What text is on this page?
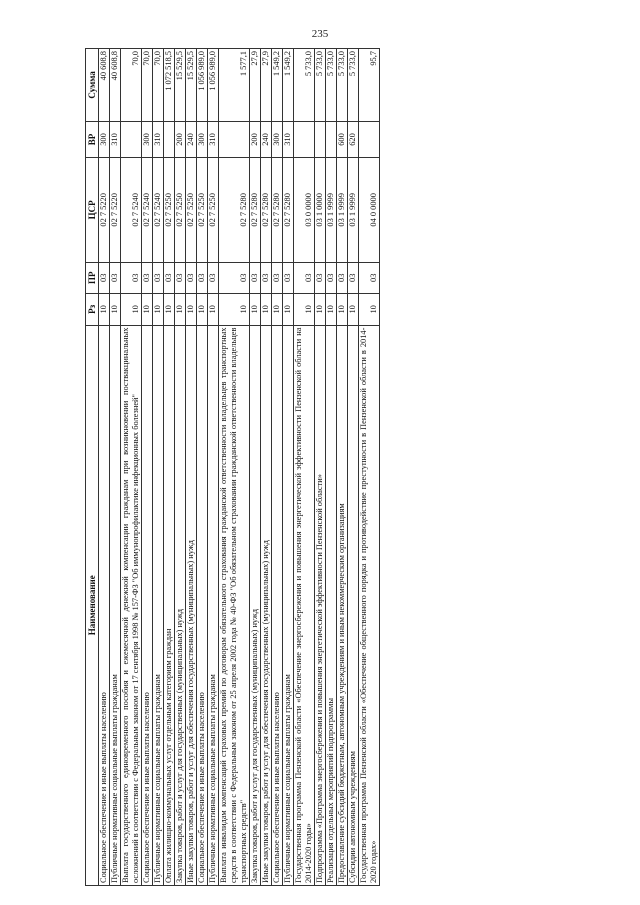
235
Наименование	Рз	ПР	ЦСР	ВР	Сумма
Социальное обеспечение и иные выплаты населению	10	03	02 7 5220	300	40 608,8
Публичные нормативные социальные выплаты гражданам	10	03	02 7 5220	310	40 608,8
Выплата государственного единовременного пособия и ежемесячной денежной компенсации гражданам при возникновении поствакцинальных осложнений в соответствии с Федеральным законом от 17 сентября 1998 № 157-ФЗ "Об иммунопрофилактике инфекционных болезней"	10	03	02 7 5240		70,0
Социальное обеспечение и иные выплаты населению	10	03	02 7 5240	300	70,0
Публичные нормативные социальные выплаты гражданам	10	03	02 7 5240	310	70,0
Оплата жилищно-коммунальных услуг отдельным категориям граждан	10	03	02 7 5250		1 072 518,5
Закупка товаров, работ и услуг для государственных (муниципальных) нужд	10	03	02 7 5250	200	15 529,5
Иные закупки товаров, работ и услуг для обеспечения государственных (муниципальных) нужд	10	03	02 7 5250	240	15 529,5
Социальное обеспечение и иные выплаты населению	10	03	02 7 5250	300	1 056 989,0
Публичные нормативные социальные выплаты гражданам	10	03	02 7 5250	310	1 056 989,0
Выплата инвалидам компенсаций страховых премий по договорам обязательного страхования гражданской ответственности владельцев транспортных средств в соответствии с Федеральным законом от 25 апреля 2002 года № 40-ФЗ "Об обязательном страховании гражданской ответственности владельцев транспортных средств"	10	03	02 7 5280		1 577,1
Закупка товаров, работ и услуг для государственных (муниципальных) нужд	10	03	02 7 5280	200	27,9
Иные закупки товаров, работ и услуг для обеспечения государственных (муниципальных) нужд	10	03	02 7 5280	240	27,9
Социальное обеспечение и иные выплаты населению	10	03	02 7 5280	300	1 549,2
Публичные нормативные социальные выплаты гражданам	10	03	02 7 5280	310	1 549,2
Государственная программа Пензенской области «Обеспечение энергосбережения и повышения энергетической эффективности Пензенской области на 2014-2020 годы»	10	03	03 0 0000		5 733,0
Подпрограмма «Программа энергосбережения и повышения энергетической эффективности Пензенской области»	10	03	03 1 0000		5 733,0
Реализация отдельных мероприятий подпрограммы	10	03	03 1 9999		5 733,0
Предоставление субсидий бюджетным, автономным учреждениям и иным некоммерческим организациям	10	03	03 1 9999	600	5 733,0
Субсидии автономным учреждениям	10	03	03 1 9999	620	5 733,0
Государственная программа Пензенской области «Обеспечение общественного порядка и противодействие преступности в Пензенской области в 2014-2020 годах»	10	03	04 0 0000		95,7
